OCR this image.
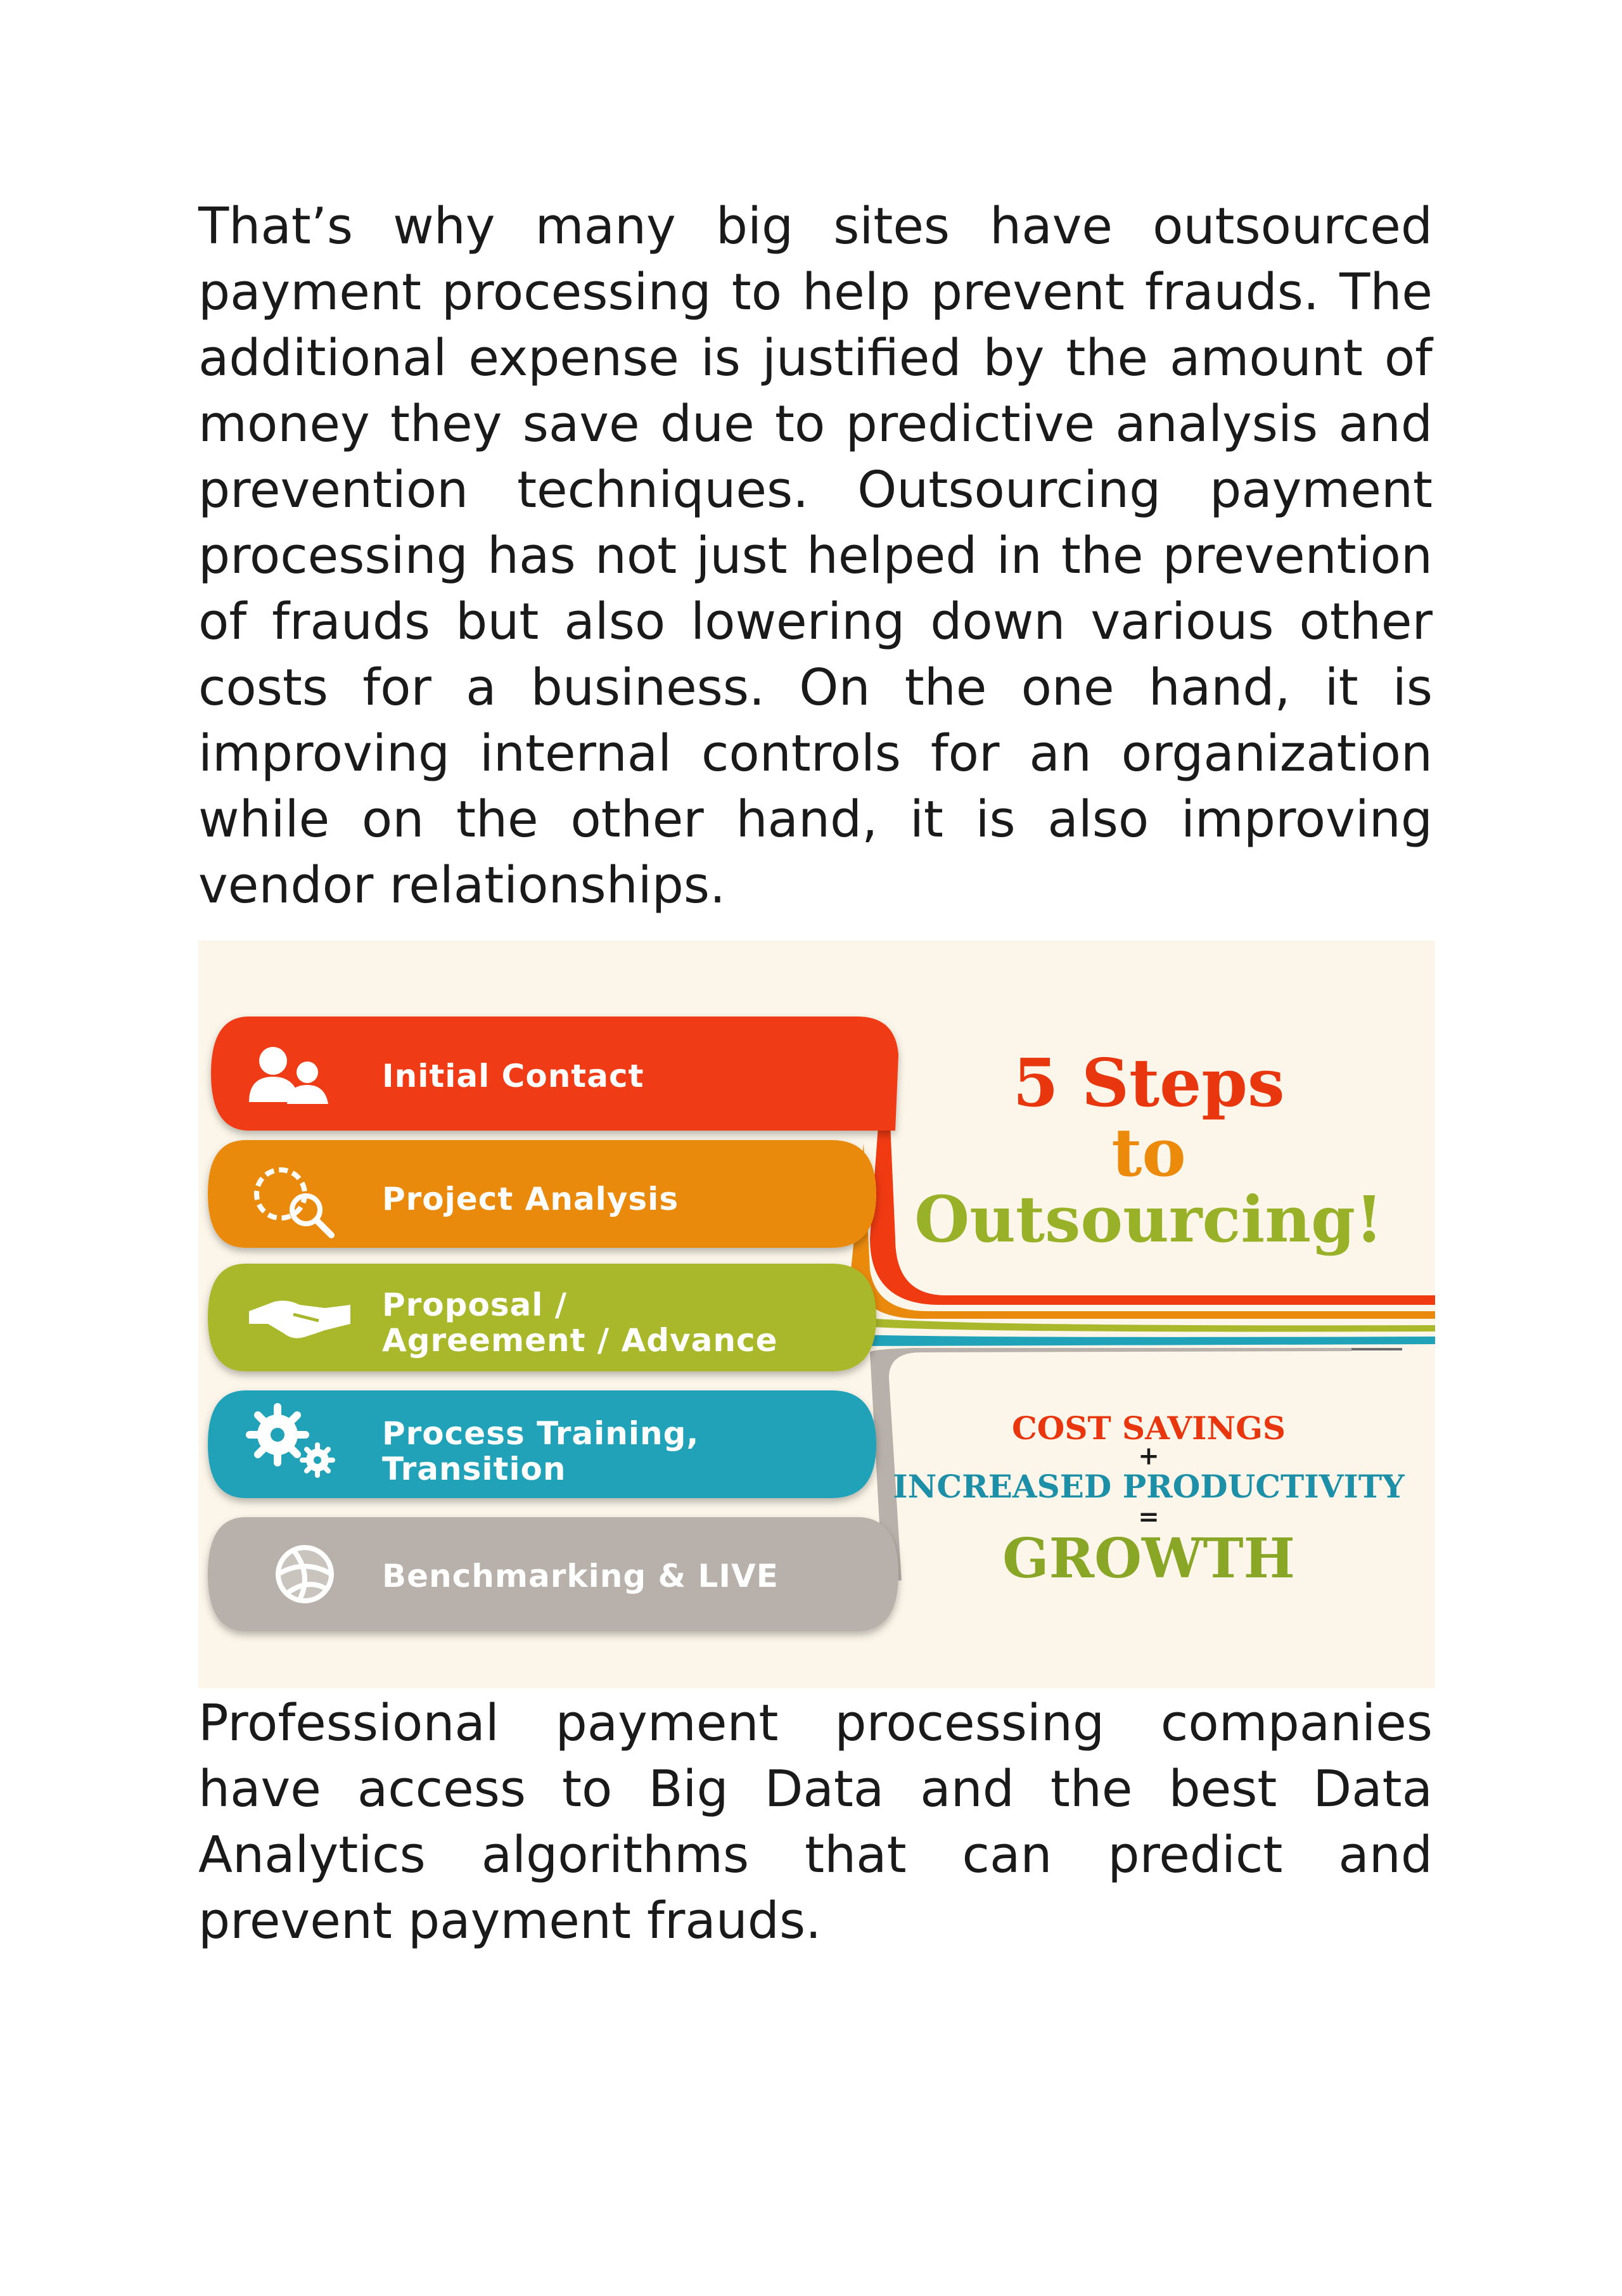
That’s why many big sites have outsourced payment processing to help prevent frauds. The additional expense is justified by the amount of money they save due to predictive analysis and prevention techniques. Outsourcing payment processing has not just helped in the prevention of frauds but also lowering down various other costs for a business. On the one hand, it is improving internal controls for an organization while on the other hand, it is also improving vendor relationships.

Initial Contact
Project Analysis
Proposal /
Agreement / Advance
Process Training,
Transition
Benchmarking & LIVE
5 Steps
to
Outsourcing!
COST SAVINGS
+
INCREASED PRODUCTIVITY
=
GROWTH

Professional payment processing companies have access to Big Data and the best Data Analytics algorithms that can predict and prevent payment frauds.
